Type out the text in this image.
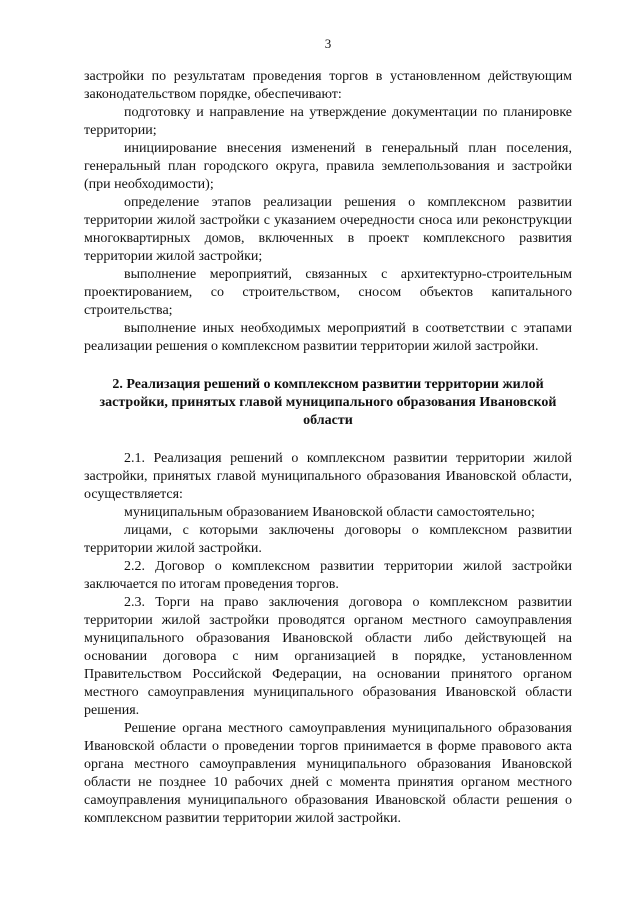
3

застройки по результатам проведения торгов в установленном действующим законодательством порядке, обеспечивают:

подготовку и направление на утверждение документации по планировке территории;

инициирование внесения изменений в генеральный план поселения, генеральный план городского округа, правила землепользования и застройки (при необходимости);

определение этапов реализации решения о комплексном развитии территории жилой застройки с указанием очередности сноса или реконструкции многоквартирных домов, включенных в проект комплексного развития территории жилой застройки;

выполнение мероприятий, связанных с архитектурно-строительным проектированием, со строительством, сносом объектов капитального строительства;

выполнение иных необходимых мероприятий в соответствии с этапами реализации решения о комплексном развитии территории жилой застройки.

2. Реализация решений о комплексном развитии территории жилой застройки, принятых главой муниципального образования Ивановской области

2.1. Реализация решений о комплексном развитии территории жилой застройки, принятых главой муниципального образования Ивановской области, осуществляется:

муниципальным образованием Ивановской области самостоятельно;

лицами, с которыми заключены договоры о комплексном развитии территории жилой застройки.

2.2. Договор о комплексном развитии территории жилой застройки заключается по итогам проведения торгов.

2.3. Торги на право заключения договора о комплексном развитии территории жилой застройки проводятся органом местного самоуправления муниципального образования Ивановской области либо действующей на основании договора с ним организацией в порядке, установленном Правительством Российской Федерации, на основании принятого органом местного самоуправления муниципального образования Ивановской области решения.

Решение органа местного самоуправления муниципального образования Ивановской области о проведении торгов принимается в форме правового акта органа местного самоуправления муниципального образования Ивановской области не позднее 10 рабочих дней с момента принятия органом местного самоуправления муниципального образования Ивановской области решения о комплексном развитии территории жилой застройки.
